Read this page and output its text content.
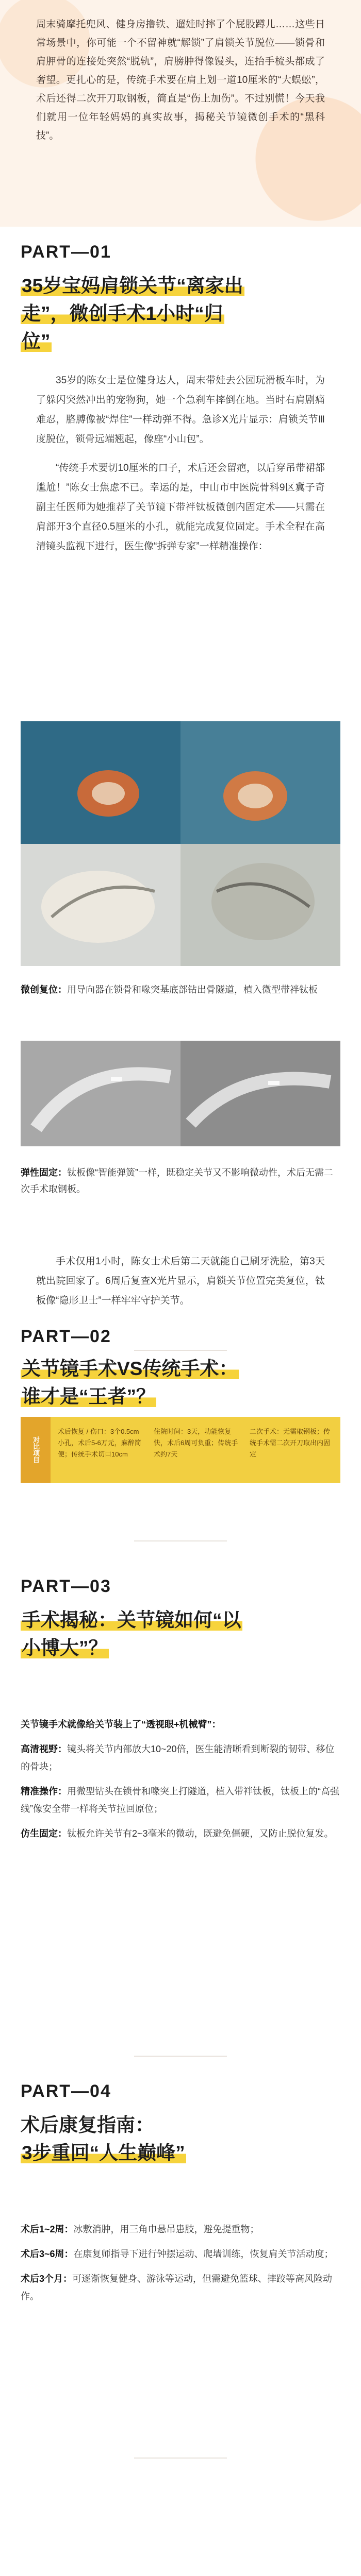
周末骑摩托兜风、健身房撸铁、遛娃时摔了个屁股蹲儿……这些日常场景中，你可能一个不留神就“解锁”了肩锁关节脱位——锁骨和肩胛骨的连接处突然“脱轨”，肩膀肿得像馒头，连抬手梳头都成了奢望。更扎心的是，传统手术要在肩上划一道10厘米的“大蜈蚣”，术后还得二次开刀取钢板，简直是“伤上加伤”。不过别慌！今天我们就用一位年轻妈妈的真实故事，揭秘关节镜微创手术的“黑科技”。
PART—01
35岁宝妈肩锁关节“离家出
走”，微创手术1小时“归
位”

35岁的陈女士是位健身达人，周末带娃去公园玩滑板车时，为了躲闪突然冲出的宠物狗，她一个急刹车摔倒在地。当时右肩剧痛难忍，胳膊像被“焊住”一样动弹不得。急诊X光片显示：肩锁关节Ⅲ度脱位，锁骨远端翘起，像座“小山包”。

“传统手术要切10厘米的口子，术后还会留疤，以后穿吊带裙都尴尬！”陈女士焦虑不已。幸运的是，中山市中医院骨科9区冀子奇副主任医师为她推荐了关节镜下带袢钛板微创内固定术——只需在肩部开3个直径0.5厘米的小孔，就能完成复位固定。手术全程在高清镜头监视下进行，医生像“拆弹专家”一样精准操作：

微创复位：用导向器在锁骨和喙突基底部钻出骨隧道，植入微型带袢钛板
弹性固定：钛板像“智能弹簧”一样，既稳定关节又不影响微动性，术后无需二次手术取钢板。

手术仅用1小时，陈女士术后第二天就能自己刷牙洗脸，第3天就出院回家了。6周后复查X光片显示，肩锁关节位置完美复位，钛板像“隐形卫士”一样牢牢守护关节。

PART—02
关节镜手术VS传统手术：
谁才是“王者”？
对比项目
术后恢复 / 伤口：3个0.5cm小孔，术后5-6万元，麻醉简便；传统手术切口10cm
住院时间：3天，功能恢复快，术后6周可负重；传统手术约7天
二次手术：无需取钢板；传统手术需二次开刀取出内固定
PART—03
手术揭秘：关节镜如何“以
小博大”？
关节镜手术就像给关节装上了“透视眼+机械臂”：
高清视野：镜头将关节内部放大10~20倍，医生能清晰看到断裂的韧带、移位的骨块；
精准操作：用微型钻头在锁骨和喙突上打隧道，植入带袢钛板，钛板上的“高强线”像安全带一样将关节拉回原位；
仿生固定：钛板允许关节有2~3毫米的微动，既避免僵硬，又防止脱位复发。
PART—04
术后康复指南：
3步重回“人生巅峰”
术后1~2周：冰敷消肿，用三角巾悬吊患肢，避免提重物；
术后3~6周：在康复师指导下进行钟摆运动、爬墙训练，恢复肩关节活动度；
术后3个月：可逐渐恢复健身、游泳等运动，但需避免篮球、摔跤等高风险动作。
